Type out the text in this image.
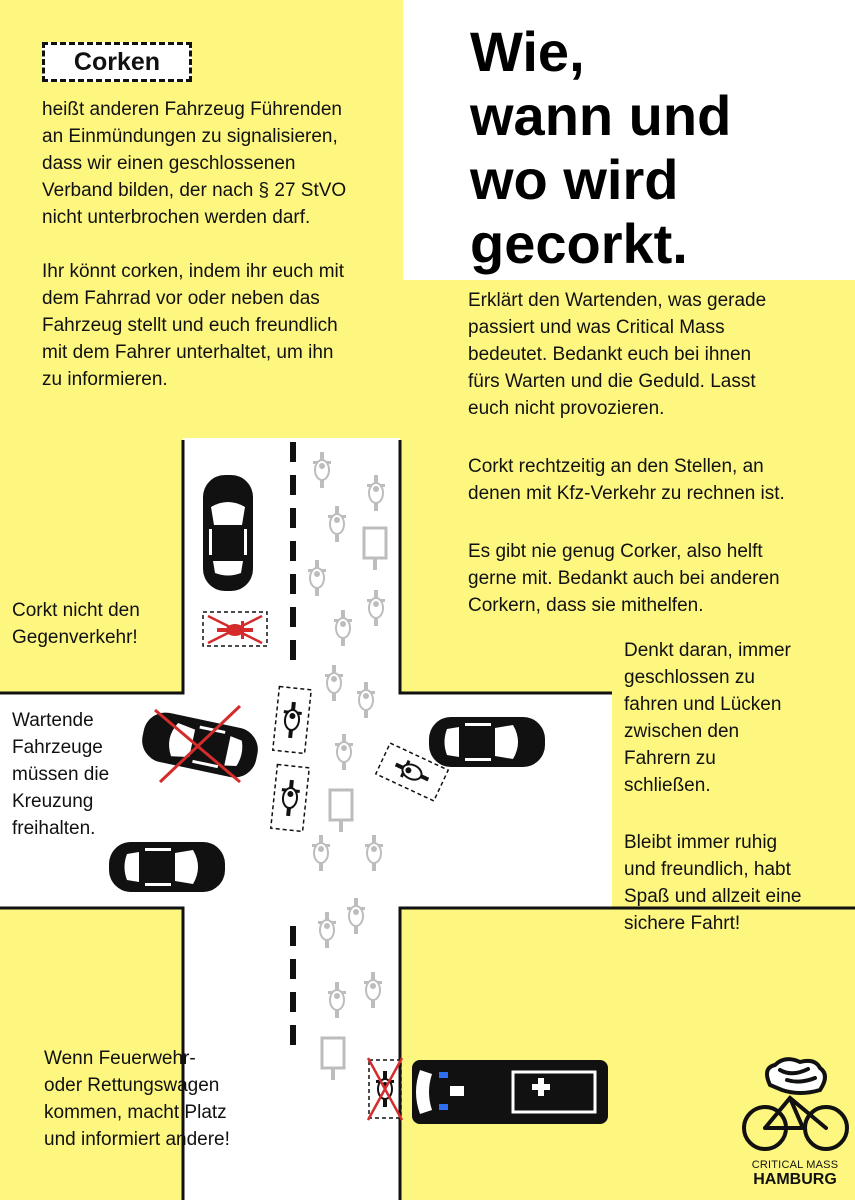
Corken
heißt anderen Fahrzeug Führenden
an Einmündungen zu signalisieren,
dass wir einen geschlossenen
Verband bilden, der nach § 27 StVO
nicht unterbrochen werden darf.
Ihr könnt corken, indem ihr euch mit
dem Fahrrad vor oder neben das
Fahrzeug stellt und euch freundlich
mit dem Fahrer unterhaltet, um ihn
zu informieren.
Wie,
wann und
wo wird
gecorkt.
Erklärt den Wartenden, was gerade
passiert und was Critical Mass
bedeutet. Bedankt euch bei ihnen
fürs Warten und die Geduld. Lasst
euch nicht provozieren.
Corkt rechtzeitig an den Stellen, an
denen mit Kfz-Verkehr zu rechnen ist.
Es gibt nie genug Corker, also helft
gerne mit. Bedankt auch bei anderen
Corkern, dass sie mithelfen.
Denkt daran, immer
geschlossen zu
fahren und Lücken
zwischen den
Fahrern zu
schließen.
Bleibt immer ruhig
und freundlich, habt
Spaß und allzeit eine
sichere Fahrt!
Corkt nicht den
Gegenverkehr!
Wartende
Fahrzeuge
müssen die
Kreuzung
freihalten.
Wenn Feuerwehr-
oder Rettungswagen
kommen, macht Platz
und informiert andere!
CRITICAL MASS
HAMBURG
